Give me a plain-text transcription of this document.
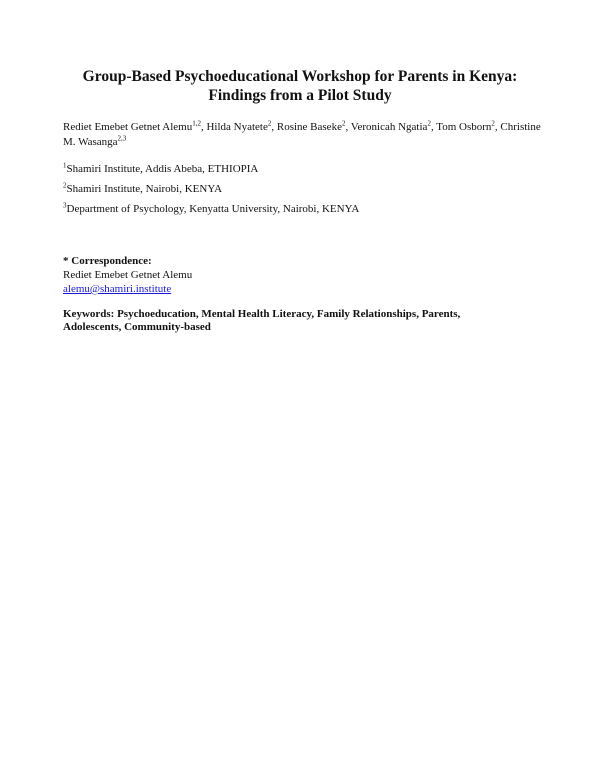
Group-Based Psychoeducational Workshop for Parents in Kenya:
Findings from a Pilot Study

Rediet Emebet Getnet Alemu$^{1,2}$, Hilda Nyatete$^2$, Rosine Baseke$^2$, Veronicah Ngatia$^2$, Tom Osborn$^2$, Christine M. Wasanga$^{2,3}$

$^1$Shamiri Institute, Addis Abeba, ETHIOPIA

$^2$Shamiri Institute, Nairobi, KENYA

$^3$Department of Psychology, Kenyatta University, Nairobi, KENYA

* Correspondence:
Rediet Emebet Getnet Alemu
alemu@shamiri.institute

Keywords: Psychoeducation, Mental Health Literacy, Family Relationships, Parents, Adolescents, Community-based
